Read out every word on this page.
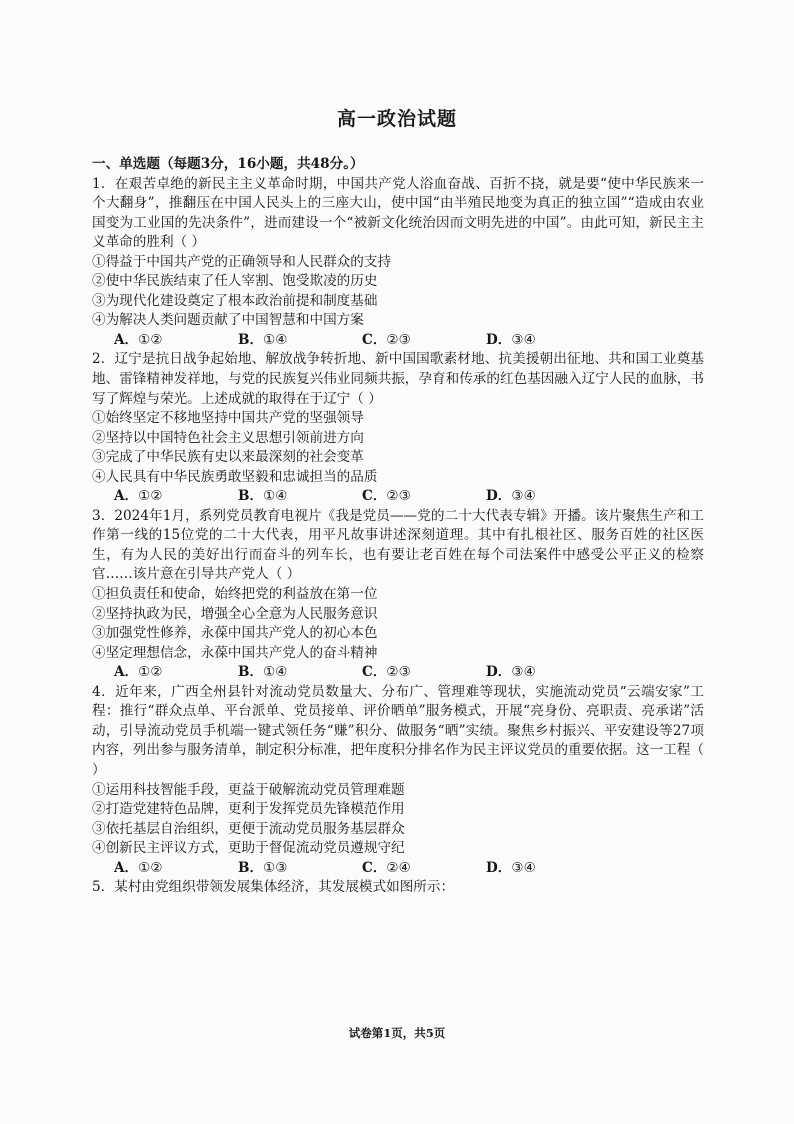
高一政治试题

一、单选题（每题3分，16小题，共48分。）

1．在艰苦卓绝的新民主主义革命时期，中国共产党人浴血奋战、百折不挠，就是要“使中华民族来一个大翻身”，推翻压在中国人民头上的三座大山，使中国“由半殖民地变为真正的独立国”“造成由农业国变为工业国的先决条件”，进而建设一个“被新文化统治因而文明先进的中国”。由此可知，新民主主义革命的胜利（ ）

①得益于中国共产党的正确领导和人民群众的支持

②使中华民族结束了任人宰割、饱受欺凌的历史

③为现代化建设奠定了根本政治前提和制度基础

④为解决人类问题贡献了中国智慧和中国方案

A．①②	B．①④	C．②③	D．③④

2．辽宁是抗日战争起始地、解放战争转折地、新中国国歌素材地、抗美援朝出征地、共和国工业奠基地、雷锋精神发祥地，与党的民族复兴伟业同频共振，孕育和传承的红色基因融入辽宁人民的血脉，书写了辉煌与荣光。上述成就的取得在于辽宁（ ）

①始终坚定不移地坚持中国共产党的坚强领导

②坚持以中国特色社会主义思想引领前进方向

③完成了中华民族有史以来最深刻的社会变革

④人民具有中华民族勇敢坚毅和忠诚担当的品质

A．①②	B．①④	C．②③	D．③④

3．2024年1月，系列党员教育电视片《我是党员——党的二十大代表专辑》开播。该片聚焦生产和工作第一线的15位党的二十大代表，用平凡故事讲述深刻道理。其中有扎根社区、服务百姓的社区医生，有为人民的美好出行而奋斗的列车长，也有要让老百姓在每个司法案件中感受公平正义的检察官……该片意在引导共产党人（ ）

①担负责任和使命，始终把党的利益放在第一位

②坚持执政为民，增强全心全意为人民服务意识

③加强党性修养，永葆中国共产党人的初心本色

④坚定理想信念，永葆中国共产党人的奋斗精神

A．①②	B．①④	C．②③	D．③④

4．近年来，广西全州县针对流动党员数量大、分布广、管理难等现状，实施流动党员“云端安家”工程：推行“群众点单、平台派单、党员接单、评价晒单”服务模式，开展“亮身份、亮职责、亮承诺”活动，引导流动党员手机端一键式领任务“赚”积分、做服务“晒”实绩。聚焦乡村振兴、平安建设等27项内容，列出参与服务清单，制定积分标准，把年度积分排名作为民主评议党员的重要依据。这一工程（ ）

①运用科技智能手段，更益于破解流动党员管理难题

②打造党建特色品牌，更利于发挥党员先锋模范作用

③依托基层自治组织，更便于流动党员服务基层群众

④创新民主评议方式，更助于督促流动党员遵规守纪

A．①②	B．①③	C．②④	D．③④

5．某村由党组织带领发展集体经济，其发展模式如图所示：

试卷第1页，共5页
